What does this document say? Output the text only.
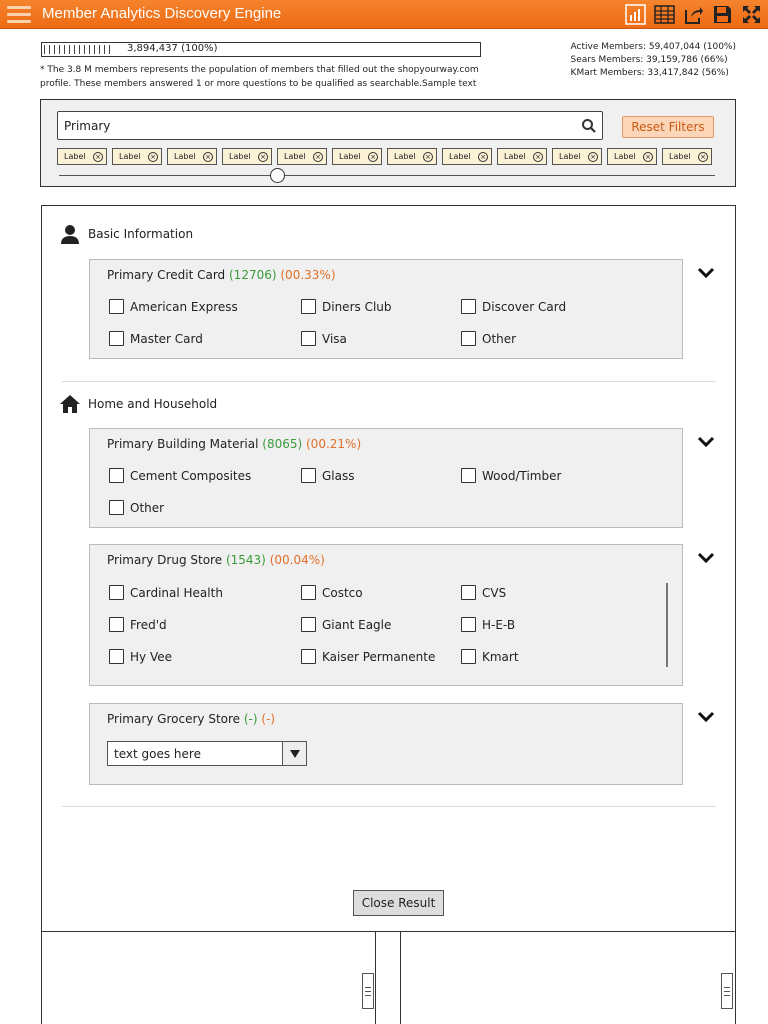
Member Analytics Discovery Engine
3,894,437 (100%)
* The 3.8 M members represents the population of members that filled out the shopyourway.com profile. These members answered 1 or more questions to be qualified as searchable.Sample text
Active Members: 59,407,044 (100%)
Sears Members: 39,159,786 (66%)
KMart Members: 33,417,842 (56%)
Primary
Reset Filters
Label × Label × Label × Label × Label × Label × Label × Label × Label × Label × Label × Label ×
Basic Information
Primary Credit Card (12706) (00.33%)
American Express	Diners Club	Discover Card
Master Card	Visa	Other
Home and Household
Primary Building Material (8065) (00.21%)
Cement Composites	Glass	Wood/Timber
Other
Primary Drug Store (1543) (00.04%)
Cardinal Health	Costco	CVS
Fred'd	Giant Eagle	H-E-B
Hy Vee	Kaiser Permanente	Kmart
Primary Grocery Store (-) (-)
text goes here
Close Result
